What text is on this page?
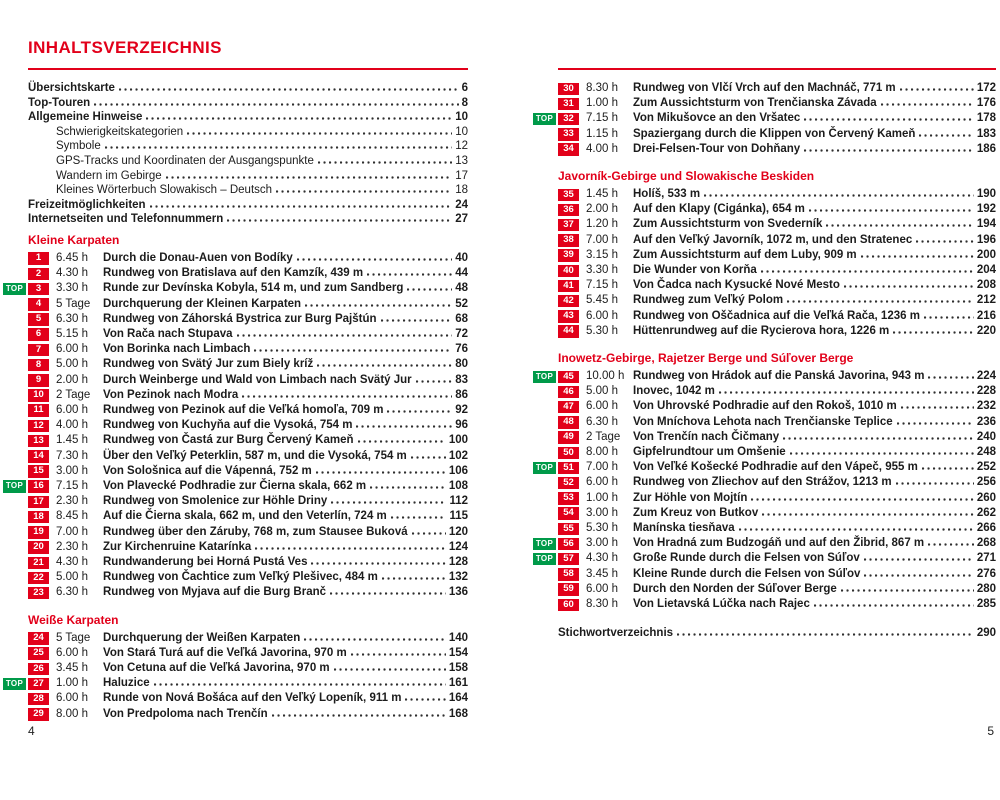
INHALTSVERZEICHNIS
Übersichtskarte	6
Top-Touren	8
Allgemeine Hinweise	10
Schwierigkeitskategorien	10
Symbole	12
GPS-Tracks und Koordinaten der Ausgangspunkte	13
Wandern im Gebirge	17
Kleines Wörterbuch Slowakisch – Deutsch	18
Freizeitmöglichkeiten	24
Internetseiten und Telefonnummern	27
Kleine Karpaten
1	6.45 h	Durch die Donau-Auen von Bodíky	40
2	4.30 h	Rundweg von Bratislava auf den Kamzík, 439 m	44
TOP	3	3.30 h	Runde zur Devínska Kobyla, 514 m, und zum Sandberg	48
4	5 Tage	Durchquerung der Kleinen Karpaten	52
5	6.30 h	Rundweg von Záhorská Bystrica zur Burg Pajštún	68
6	5.15 h	Von Rača nach Stupava	72
7	6.00 h	Von Borinka nach Limbach	76
8	5.00 h	Rundweg von Svätý Jur zum Biely kríž	80
9	2.00 h	Durch Weinberge und Wald von Limbach nach Svätý Jur	83
10	2 Tage	Von Pezinok nach Modra	86
11	6.00 h	Rundweg von Pezinok auf die Veľká homoľa, 709 m	92
12	4.00 h	Rundweg von Kuchyňa auf die Vysoká, 754 m	96
13	1.45 h	Rundweg von Častá zur Burg Červený Kameň	100
14	7.30 h	Über den Veľký Peterklin, 587 m, und die Vysoká, 754 m	102
15	3.00 h	Von Sološnica auf die Vápenná, 752 m	106
TOP	16	7.15 h	Von Plavecké Podhradie zur Čierna skala, 662 m	108
17	2.30 h	Rundweg von Smolenice zur Höhle Driny	112
18	8.45 h	Auf die Čierna skala, 662 m, und den Veterlín, 724 m	115
19	7.00 h	Rundweg über den Záruby, 768 m, zum Stausee Buková	120
20	2.30 h	Zur Kirchenruine Katarínka	124
21	4.30 h	Rundwanderung bei Horná Pustá Ves	128
22	5.00 h	Rundweg von Čachtice zum Veľký Plešivec, 484 m	132
23	6.30 h	Rundweg von Myjava auf die Burg Branč	136
Weiße Karpaten
24	5 Tage	Durchquerung der Weißen Karpaten	140
25	6.00 h	Von Stará Turá auf die Veľká Javorina, 970 m	154
26	3.45 h	Von Cetuna auf die Veľká Javorina, 970 m	158
TOP	27	1.00 h	Haluzice	161
28	6.00 h	Runde von Nová Bošáca auf den Veľký Lopeník, 911 m	164
29	8.00 h	Von Predpoloma nach Trenčín	168
30	8.30 h	Rundweg von Vlčí Vrch auf den Machnáč, 771 m	172
31	1.00 h	Zum Aussichtsturm von Trenčianska Závada	176
TOP	32	7.15 h	Von Mikušovce an den Vršatec	178
33	1.15 h	Spaziergang durch die Klippen von Červený Kameň	183
34	4.00 h	Drei-Felsen-Tour von Dohňany	186
Javorník-Gebirge und Slowakische Beskiden
35	1.45 h	Holíš, 533 m	190
36	2.00 h	Auf den Klapy (Cigánka), 654 m	192
37	1.20 h	Zum Aussichtsturm von Svederník	194
38	7.00 h	Auf den Veľký Javorník, 1072 m, und den Stratenec	196
39	3.15 h	Zum Aussichtsturm auf dem Luby, 909 m	200
40	3.30 h	Die Wunder von Korňa	204
41	7.15 h	Von Čadca nach Kysucké Nové Mesto	208
42	5.45 h	Rundweg zum Veľký Polom	212
43	6.00 h	Rundweg von Oščadnica auf die Veľká Rača, 1236 m	216
44	5.30 h	Hüttenrundweg auf die Rycierova hora, 1226 m	220
Inowetz-Gebirge, Rajetzer Berge und Súľover Berge
TOP	45	10.00 h Rundweg von Hrádok auf die Panská Javorina, 943 m	224
46	5.00 h	Inovec, 1042 m	228
47	6.00 h	Von Uhrovské Podhradie auf den Rokoš, 1010 m	232
48	6.30 h	Von Mníchova Lehota nach Trenčianske Teplice	236
49	2 Tage	Von Trenčín nach Čičmany	240
50	8.00 h	Gipfelrundtour um Omšenie	248
TOP	51	7.00 h	Von Veľké Košecké Podhradie auf den Vápeč, 955 m	252
52	6.00 h	Rundweg von Zliechov auf den Strážov, 1213 m	256
53	1.00 h	Zur Höhle von Mojtín	260
54	3.00 h	Zum Kreuz von Butkov	262
55	5.30 h	Manínska tiesňava	266
TOP	56	3.00 h	Von Hradná zum Budzogáň und auf den Žibrid, 867 m	268
TOP	57	4.30 h	Große Runde durch die Felsen von Súľov	271
58	3.45 h	Kleine Runde durch die Felsen von Súľov	276
59	6.00 h	Durch den Norden der Súľover Berge	280
60	8.30 h	Von Lietavská Lúčka nach Rajec	285
Stichwortverzeichnis	290
4	5
